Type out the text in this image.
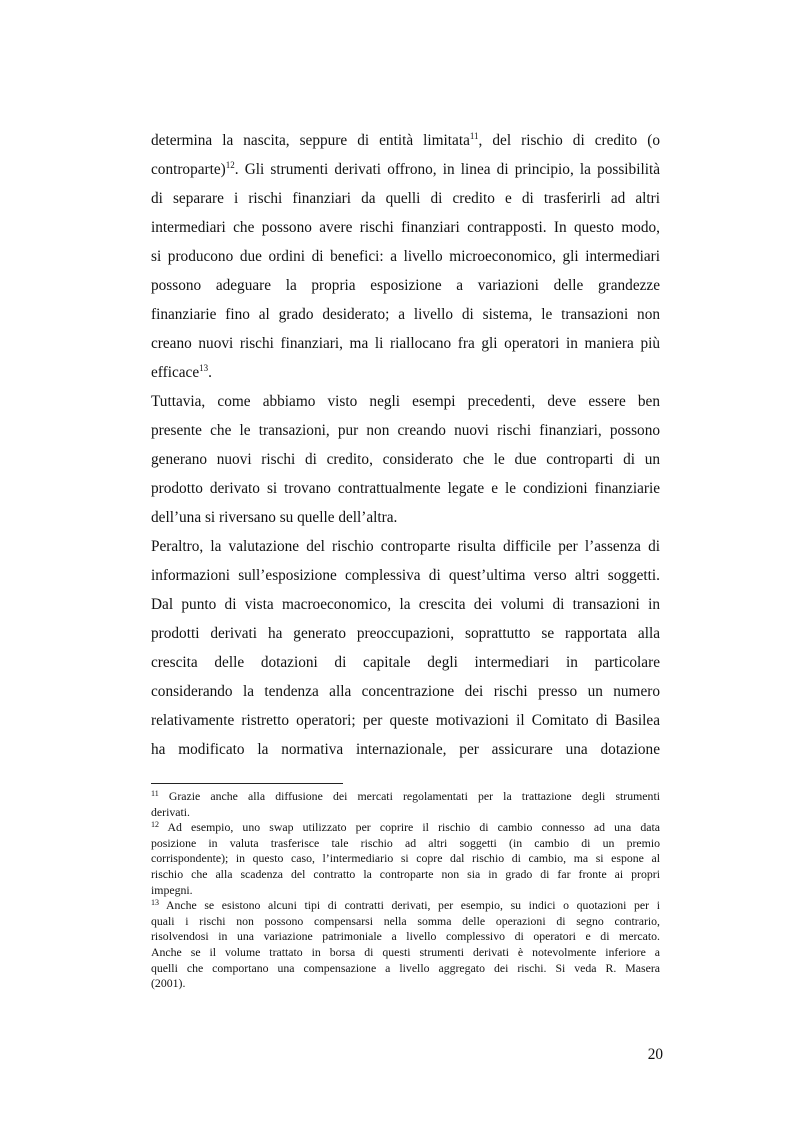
determina la nascita, seppure di entità limitata$^{11}$, del rischio di credito (o
controparte)$^{12}$. Gli strumenti derivati offrono, in linea di principio, la possibilità
di separare i rischi finanziari da quelli di credito e di trasferirli ad altri
intermediari che possono avere rischi finanziari contrapposti. In questo modo,
si producono due ordini di benefici: a livello microeconomico, gli intermediari
possono adeguare la propria esposizione a variazioni delle grandezze
finanziarie fino al grado desiderato; a livello di sistema, le transazioni non
creano nuovi rischi finanziari, ma li riallocano fra gli operatori in maniera più
efficace$^{13}$.
Tuttavia, come abbiamo visto negli esempi precedenti, deve essere ben
presente che le transazioni, pur non creando nuovi rischi finanziari, possono
generano nuovi rischi di credito, considerato che le due controparti di un
prodotto derivato si trovano contrattualmente legate e le condizioni finanziarie
dell’una si riversano su quelle dell’altra.
Peraltro, la valutazione del rischio controparte risulta difficile per l’assenza di
informazioni sull’esposizione complessiva di quest’ultima verso altri soggetti.
Dal punto di vista macroeconomico, la crescita dei volumi di transazioni in
prodotti derivati ha generato preoccupazioni, soprattutto se rapportata alla
crescita delle dotazioni di capitale degli intermediari in particolare
considerando la tendenza alla concentrazione dei rischi presso un numero
relativamente ristretto operatori; per queste motivazioni il Comitato di Basilea
ha modificato la normativa internazionale, per assicurare una dotazione
$^{11}$ Grazie anche alla diffusione dei mercati regolamentati per la trattazione degli strumenti
derivati.
$^{12}$ Ad esempio, uno swap utilizzato per coprire il rischio di cambio connesso ad una data
posizione in valuta trasferisce tale rischio ad altri soggetti (in cambio di un premio
corrispondente); in questo caso, l’intermediario si copre dal rischio di cambio, ma si espone al
rischio che alla scadenza del contratto la controparte non sia in grado di far fronte ai propri
impegni.
$^{13}$ Anche se esistono alcuni tipi di contratti derivati, per esempio, su indici o quotazioni per i
quali i rischi non possono compensarsi nella somma delle operazioni di segno contrario,
risolvendosi in una variazione patrimoniale a livello complessivo di operatori e di mercato.
Anche se il volume trattato in borsa di questi strumenti derivati è notevolmente inferiore a
quelli che comportano una compensazione a livello aggregato dei rischi. Si veda R. Masera
(2001).
20
